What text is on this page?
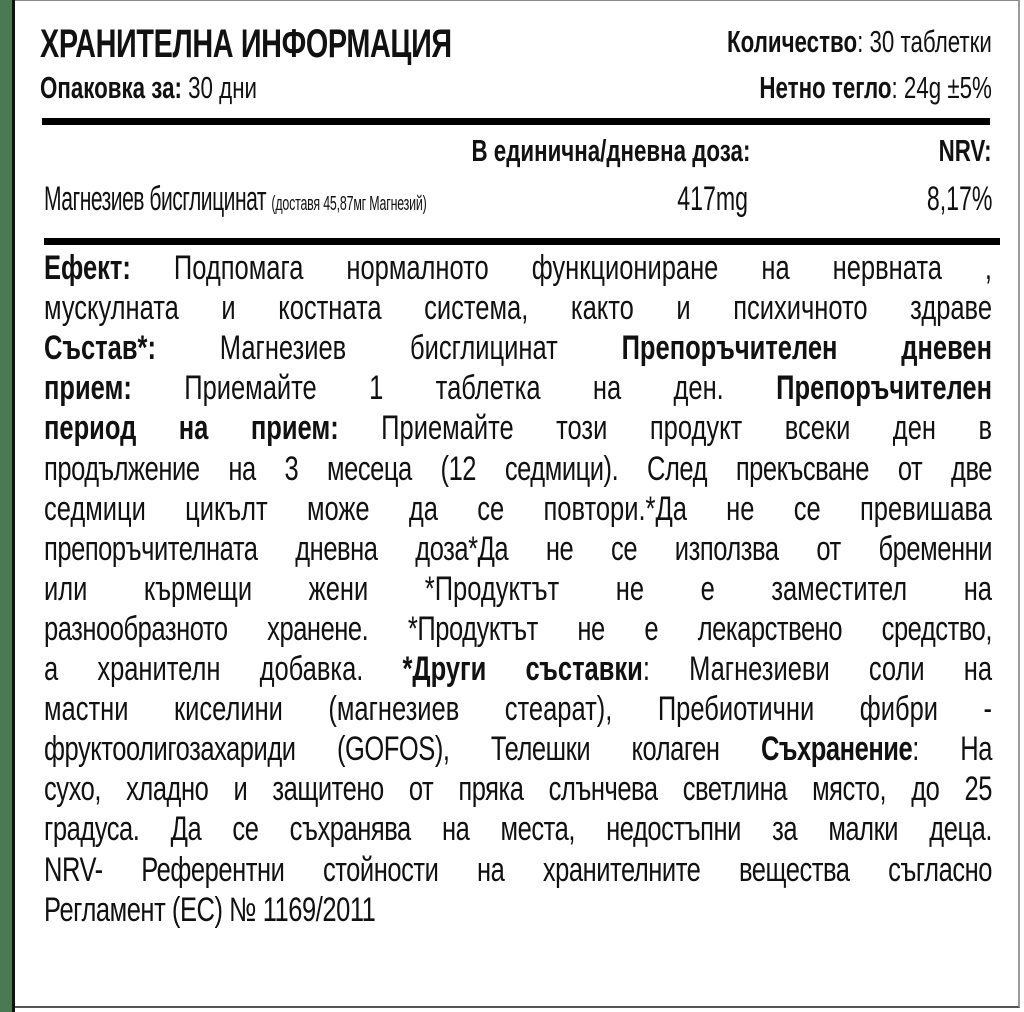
ХРАНИТЕЛНА ИНФОРМАЦИЯ
Опаковка за: 30 дни
Количество: 30 таблетки
Нетно тегло: 24g ±5%
В единична/дневна доза:	NRV:
Магнезиев бисглицинат (доставя 45,87мг Магнезий)	417mg	8,17%
Ефект: Подпомага нормалното функциониране на нервната ,
мускулната и костната система, както и психичното здраве
Състав*: Магнезиев бисглицинат Препоръчителен дневен
прием: Приемайте 1 таблетка на ден. Препоръчителен
период на прием: Приемайте този продукт всеки ден в
продължение на 3 месеца (12 седмици). След прекъсване от две
седмици цикълт може да се повтори.*Да не се превишава
препоръчителната дневна доза*Да не се използва от бременни
или кърмещи жени *Продуктът не е заместител на
разнообразното хранене. *Продуктът не е лекарствено средство,
а хранителн добавка. *Други съставки: Магнезиеви соли на
мастни киселини (магнезиев стеарат), Пребиотични фибри -
фруктоолигозахариди (GOFOS), Телешки колаген Съхранение: На
сухо, хладно и защитено от пряка слънчева светлина място, до 25
градуса. Да се съхранява на места, недостъпни за малки деца.
NRV- Референтни стойности на хранителните вещества съгласно
Регламент (ЕС) № 1169/2011
